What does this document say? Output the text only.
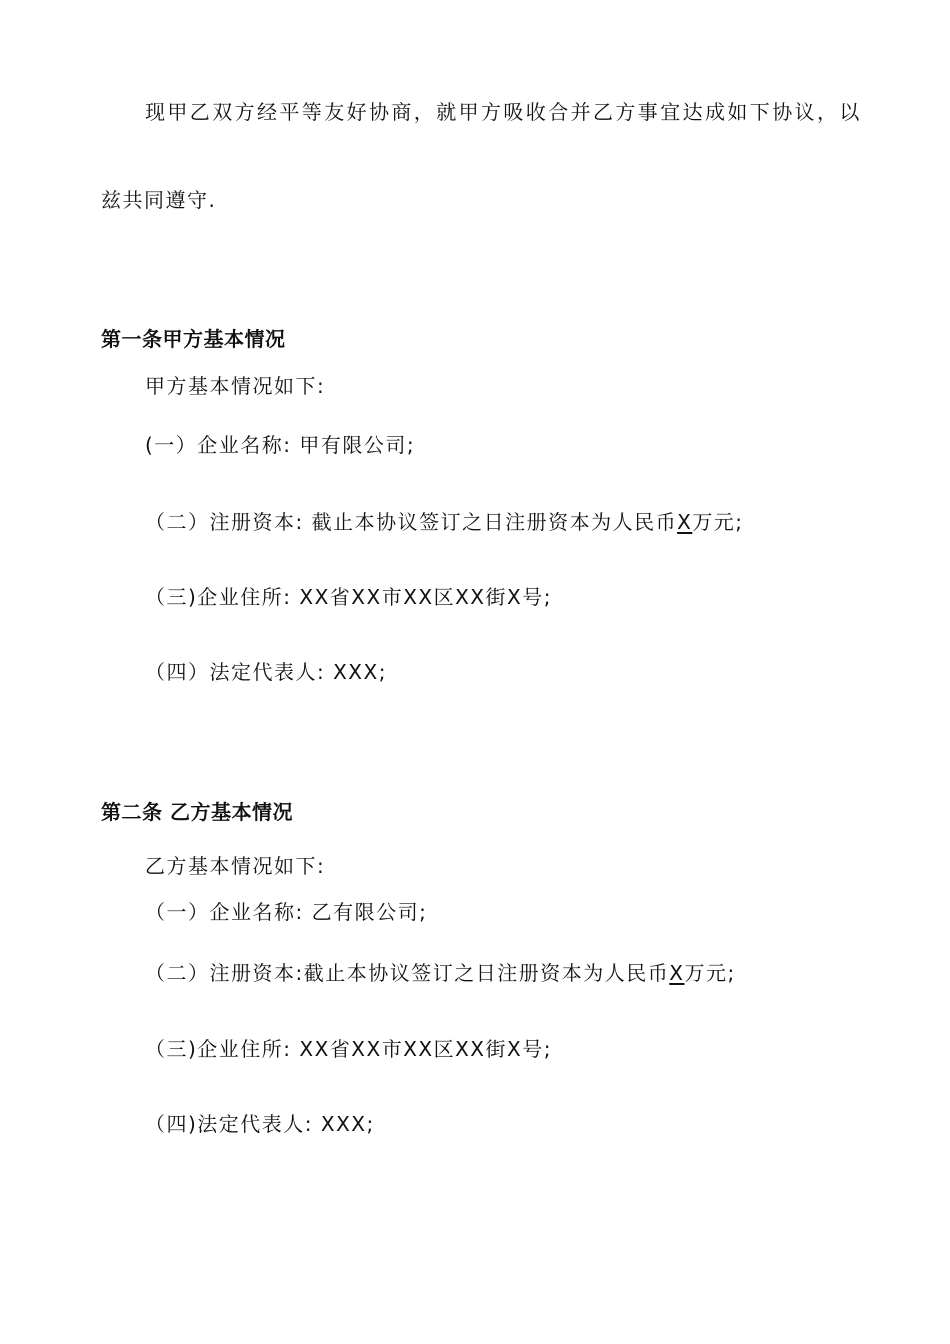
现甲乙双方经平等友好协商，就甲方吸收合并乙方事宜达成如下协议，以
兹共同遵守.
第一条甲方基本情况
甲方基本情况如下:
(一）企业名称: 甲有限公司;
（二）注册资本: 截止本协议签订之日注册资本为人民币X万元;
（三)企业住所: XX省XX市XX区XX街X号;
（四）法定代表人: XXX;
第二条 乙方基本情况
乙方基本情况如下:
（一）企业名称: 乙有限公司;
（二）注册资本:截止本协议签订之日注册资本为人民币X万元;
（三)企业住所: XX省XX市XX区XX街X号;
（四)法定代表人: XXX;
